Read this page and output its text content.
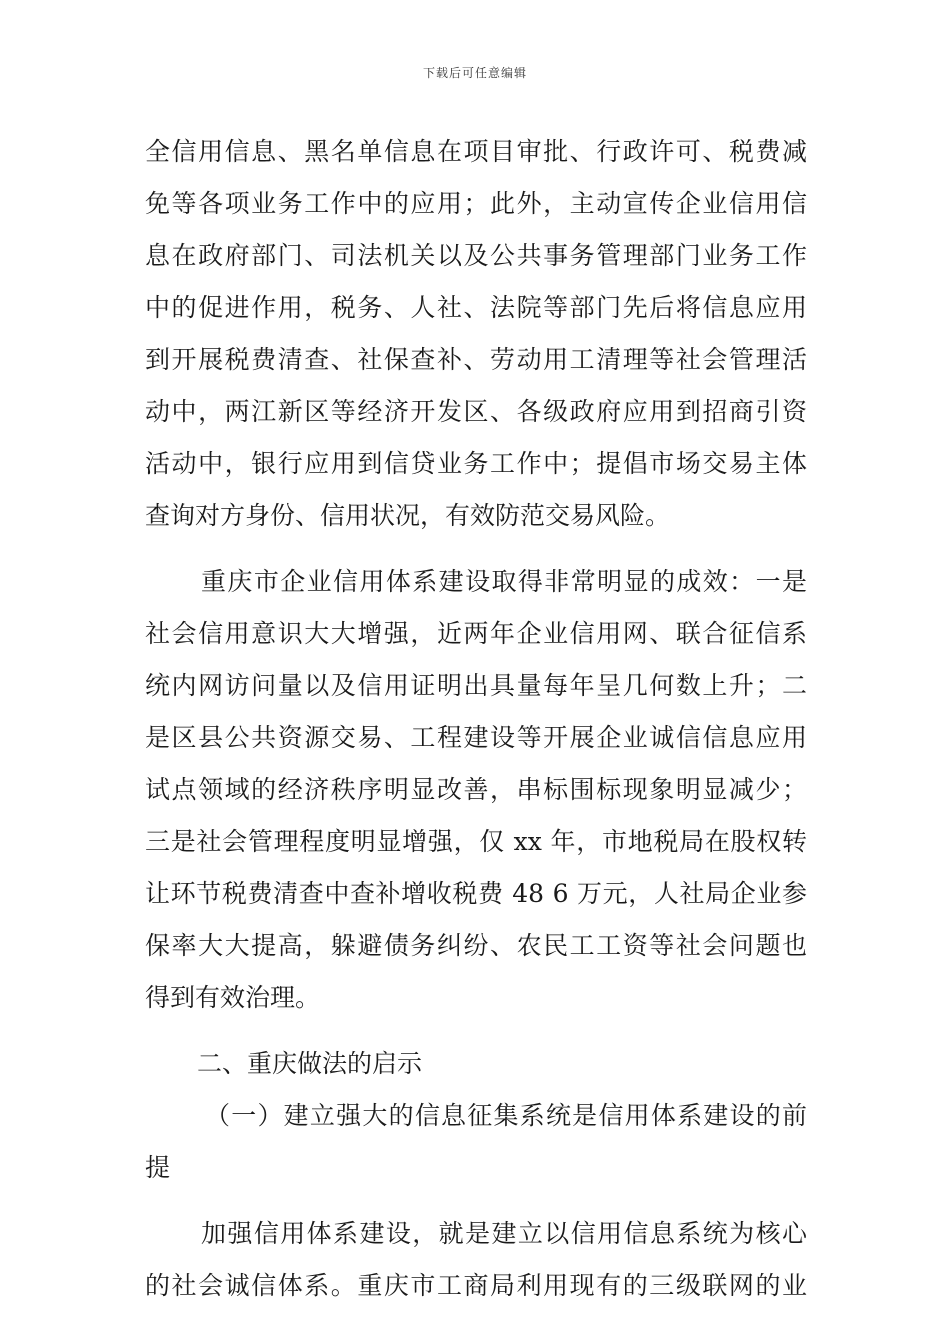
下载后可任意编辑
全信用信息、黑名单信息在项目审批、行政许可、税费减
免等各项业务工作中的应用；此外，主动宣传企业信用信
息在政府部门、司法机关以及公共事务管理部门业务工作
中的促进作用，税务、人社、法院等部门先后将信息应用
到开展税费清查、社保查补、劳动用工清理等社会管理活
动中，两江新区等经济开发区、各级政府应用到招商引资
活动中，银行应用到信贷业务工作中；提倡市场交易主体
查询对方身份、信用状况，有效防范交易风险。
重庆市企业信用体系建设取得非常明显的成效：一是
社会信用意识大大增强，近两年企业信用网、联合征信系
统内网访问量以及信用证明出具量每年呈几何数上升；二
是区县公共资源交易、工程建设等开展企业诚信信息应用
试点领域的经济秩序明显改善，串标围标现象明显减少；
三是社会管理程度明显增强，仅 xx 年，市地税局在股权转
让环节税费清查中查补增收税费 48 6 万元，人社局企业参
保率大大提高，躲避债务纠纷、农民工工资等社会问题也
得到有效治理。
二、重庆做法的启示
（一）建立强大的信息征集系统是信用体系建设的前
提
加强信用体系建设，就是建立以信用信息系统为核心
的社会诚信体系。重庆市工商局利用现有的三级联网的业
